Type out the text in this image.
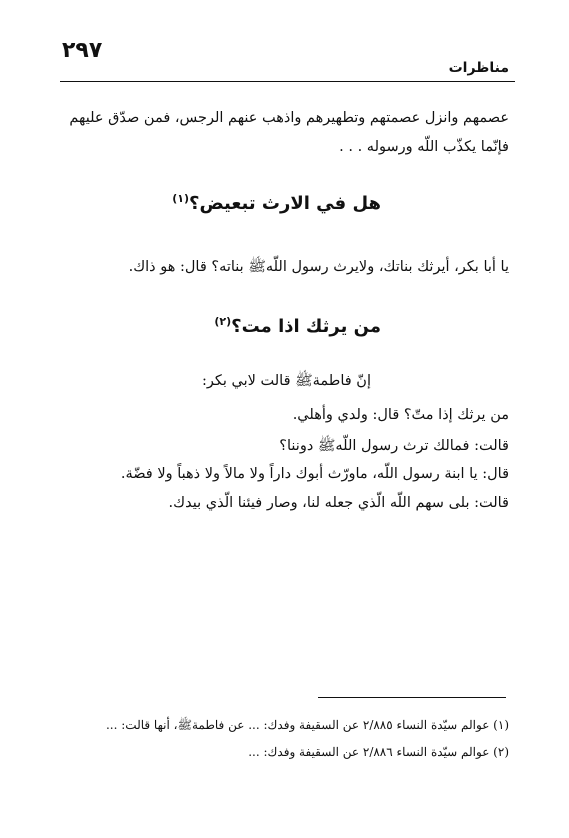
٢٩٧
مناظرات

عصمهم وانزل عصمتهم وتطهيرهم واذهب عنهم الرجس، فمن صدّق عليهم
فإنّما يكذّب اللّه ورسوله . . .

هل في الارث تبعيض؟$^{(١)}$

يا أبا بكر، أيرثك بناتك، ولايرث رسول اللّهﷺ بناته؟ قال: هو ذاك.

من يرثك اذا مت؟$^{(٢)}$
إنّ فاطمةﷺ قالت لابي بكر:
من يرثك إذا متّ؟ قال: ولدي وأهلي.
قالت: فمالك ترث رسول اللّهﷺ دوننا؟
قال: يا ابنة رسول اللّه، ماورّث أبوك داراً ولا مالاً ولا ذهباً ولا فضّة.
قالت: بلى سهم اللّه الّذي جعله لنا، وصار فيئنا الّذي بيدك.
(١) عوالم سيّدة النساء ٢/٨٨٥ عن السقيفة وفدك: ... عن فاطمةﷺ، أنها قالت: ...
(٢) عوالم سيّدة النساء ٢/٨٨٦ عن السقيفة وفدك: ...
